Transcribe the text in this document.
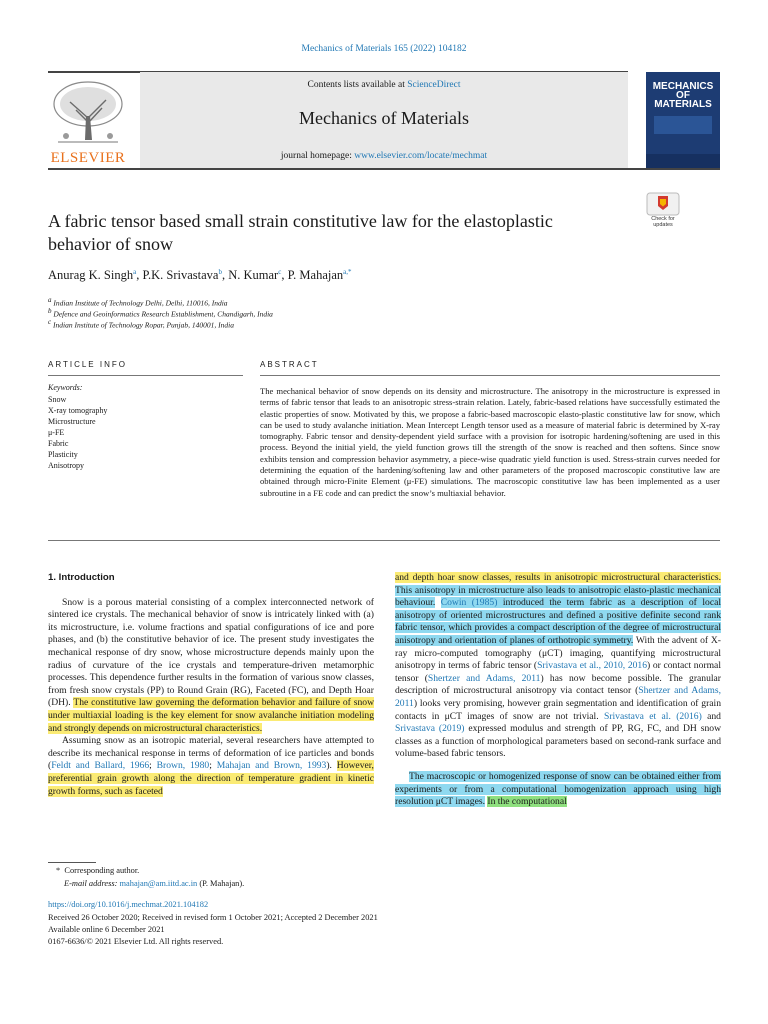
Mechanics of Materials 165 (2022) 104182
Contents lists available at ScienceDirect
Mechanics of Materials
journal homepage: www.elsevier.com/locate/mechmat
ELSEVIER
MECHANICS OF MATERIALS
Check for updates
A fabric tensor based small strain constitutive law for the elastoplastic behavior of snow
Anurag K. Singh$^a$, P.K. Srivastava$^b$, N. Kumar$^c$, P. Mahajan$^{a,*}$
$^a$ Indian Institute of Technology Delhi, Delhi, 110016, India
$^b$ Defence and Geoinformatics Research Establishment, Chandigarh, India
$^c$ Indian Institute of Technology Ropar, Punjab, 140001, India
ARTICLE INFO	ABSTRACT
Keywords:
Snow
X-ray tomography
Microstructure
μ-FE
Fabric
Plasticity
Anisotropy
The mechanical behavior of snow depends on its density and microstructure. The anisotropy in the microstructure is expressed in terms of fabric tensor that leads to an anisotropic stress-strain relation. Lately, fabric-based relations have successfully estimated the elastic properties of snow. Motivated by this, we propose a fabric-based macroscopic elasto-plastic constitutive law for snow, which can be used to study avalanche initiation. Mean Intercept Length tensor used as a measure of material fabric is determined by X-ray tomography. Fabric tensor and density-dependent yield surface with a provision for isotropic hardening/softening are used in this process. Beyond the initial yield, the yield function grows till the strength of the snow is reached and then softens. Since snow exhibits tension and compression behavior asymmetry, a piece-wise quadratic yield function is used. Stress-strain curves needed for determining the equation of the hardening/softening law and other parameters of the proposed macroscopic constitutive law are obtained through micro-Finite Element (μ-FE) simulations. The macroscopic constitutive law has been implemented as a user subroutine in a FE code and can predict the snow’s multiaxial behavior.
1. Introduction

Snow is a porous material consisting of a complex interconnected network of sintered ice crystals. The mechanical behavior of snow is intricately linked with (a) its microstructure, i.e. volume fractions and spatial configurations of ice and pore phases, and (b) the constitutive behavior of ice. The present study investigates the mechanical response of dry snow, whose microstructure depends mainly upon the radius of curvature of the ice crystals and temperature-driven metamorphic processes. This dependence further results in the formation of various snow classes, from fresh snow crystals (PP) to Round Grain (RG), Faceted (FC), and Depth Hoar (DH). The constitutive law governing the deformation behavior and failure of snow under multiaxial loading is the key element for snow avalanche initiation modeling and strongly depends on microstructural characteristics.

Assuming snow as an isotropic material, several researchers have attempted to describe its mechanical response in terms of deformation of ice particles and bonds (Feldt and Ballard, 1966; Brown, 1980; Mahajan and Brown, 1993). However, preferential grain growth along the direction of temperature gradient in kinetic growth forms, such as faceted

and depth hoar snow classes, results in anisotropic microstructural characteristics. This anisotropy in microstructure also leads to anisotropic elasto-plastic mechanical behaviour. Cowin (1985) introduced the term fabric as a description of local anisotropy of oriented microstructures and defined a positive definite second rank fabric tensor, which provides a compact description of the degree of microstructural anisotropy and orientation of planes of orthotropic symmetry. With the advent of X-ray micro-computed tomography (μCT) imaging, quantifying microstructural anisotropy in terms of fabric tensor (Srivastava et al., 2010, 2016) or contact normal tensor (Shertzer and Adams, 2011) has now become possible. The granular description of microstructural anisotropy via contact tensor (Shertzer and Adams, 2011) looks very promising, however grain segmentation and identification of grain contacts in μCT images of snow are not trivial. Srivastava et al. (2016) and Srivastava (2019) expressed modulus and strength of PP, RG, FC, and DH snow classes as a function of morphological parameters based on second-rank surface and volume-based fabric tensors.

The macroscopic or homogenized response of snow can be obtained either from experiments or from a computational homogenization approach using high resolution μCT images. In the computational

* Corresponding author.
E-mail address: mahajan@am.iitd.ac.in (P. Mahajan).
https://doi.org/10.1016/j.mechmat.2021.104182
Received 26 October 2020; Received in revised form 1 October 2021; Accepted 2 December 2021
Available online 6 December 2021
0167-6636/© 2021 Elsevier Ltd. All rights reserved.
